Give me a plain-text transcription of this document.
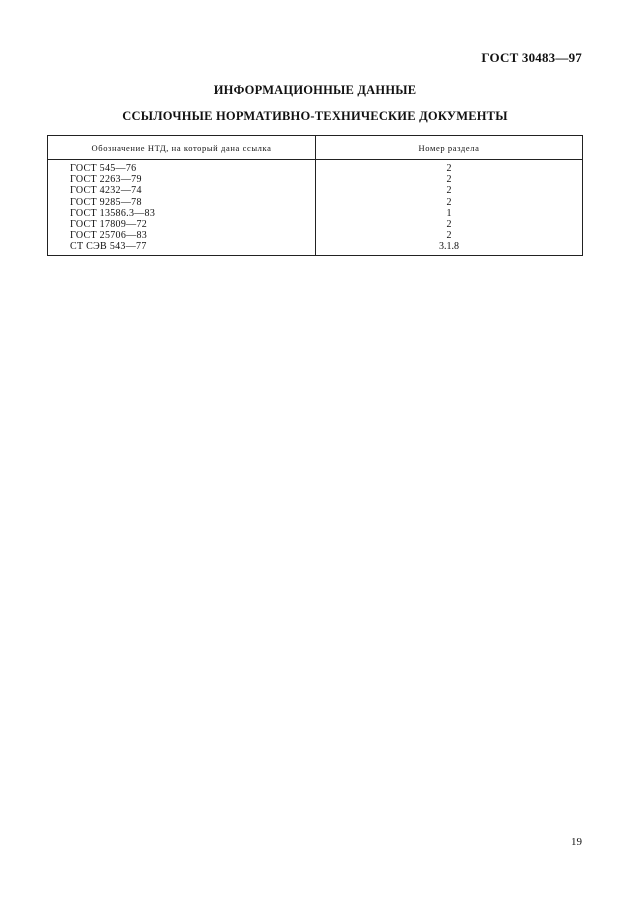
ГОСТ 30483—97
ИНФОРМАЦИОННЫЕ ДАННЫЕ
ССЫЛОЧНЫЕ НОРМАТИВНО-ТЕХНИЧЕСКИЕ ДОКУМЕНТЫ
Обозначение НТД, на который дана ссылка	Номер раздела
ГОСТ 545—76	2
ГОСТ 2263—79	2
ГОСТ 4232—74	2
ГОСТ 9285—78	2
ГОСТ 13586.3—83	1
ГОСТ 17809—72	2
ГОСТ 25706—83	2
СТ СЭВ 543—77	3.1.8
19
